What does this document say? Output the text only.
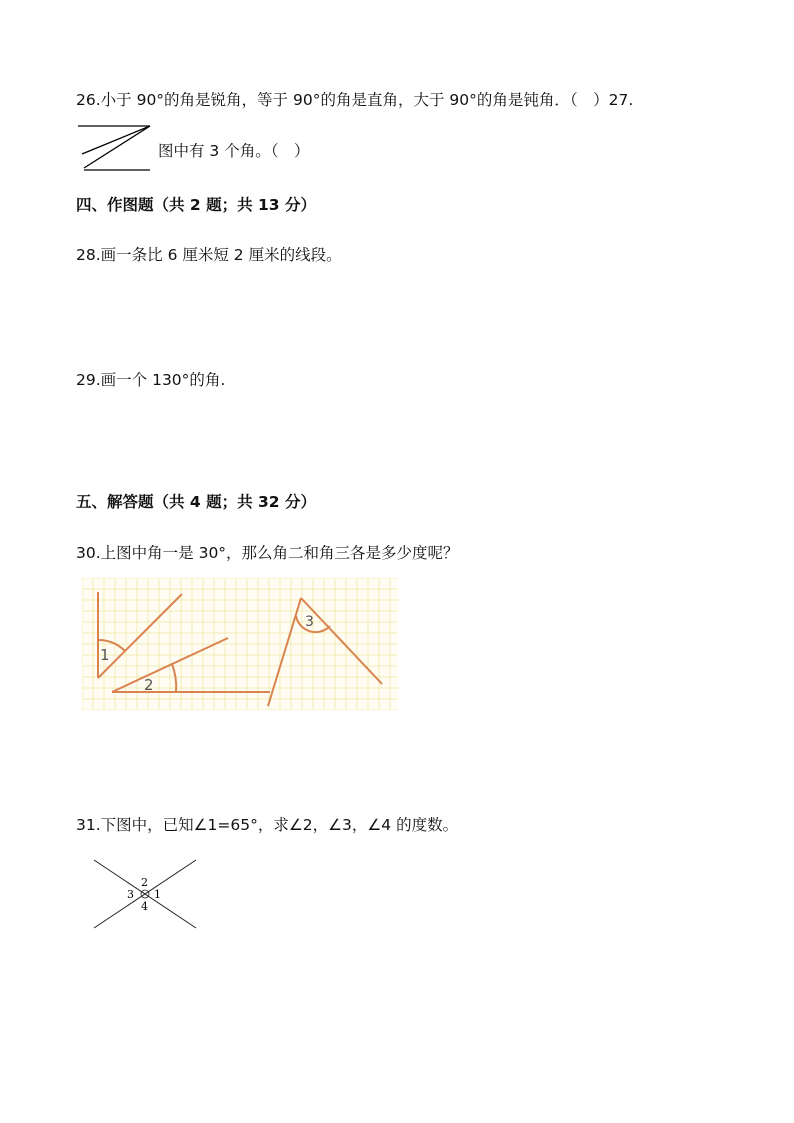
26.小于 90°的角是锐角，等于 90°的角是直角，大于 90°的角是钝角．（　）27.
图中有 3 个角。（　）
四、作图题（共 2 题；共 13 分）
28.画一条比 6 厘米短 2 厘米的线段。
29.画一个 130°的角.
五、解答题（共 4 题；共 32 分）
30.上图中角一是 30°，那么角二和角三各是多少度呢？
1
2
3
31.下图中，已知∠1=65°，求∠2，∠3，∠4 的度数。
2
3 1
4
